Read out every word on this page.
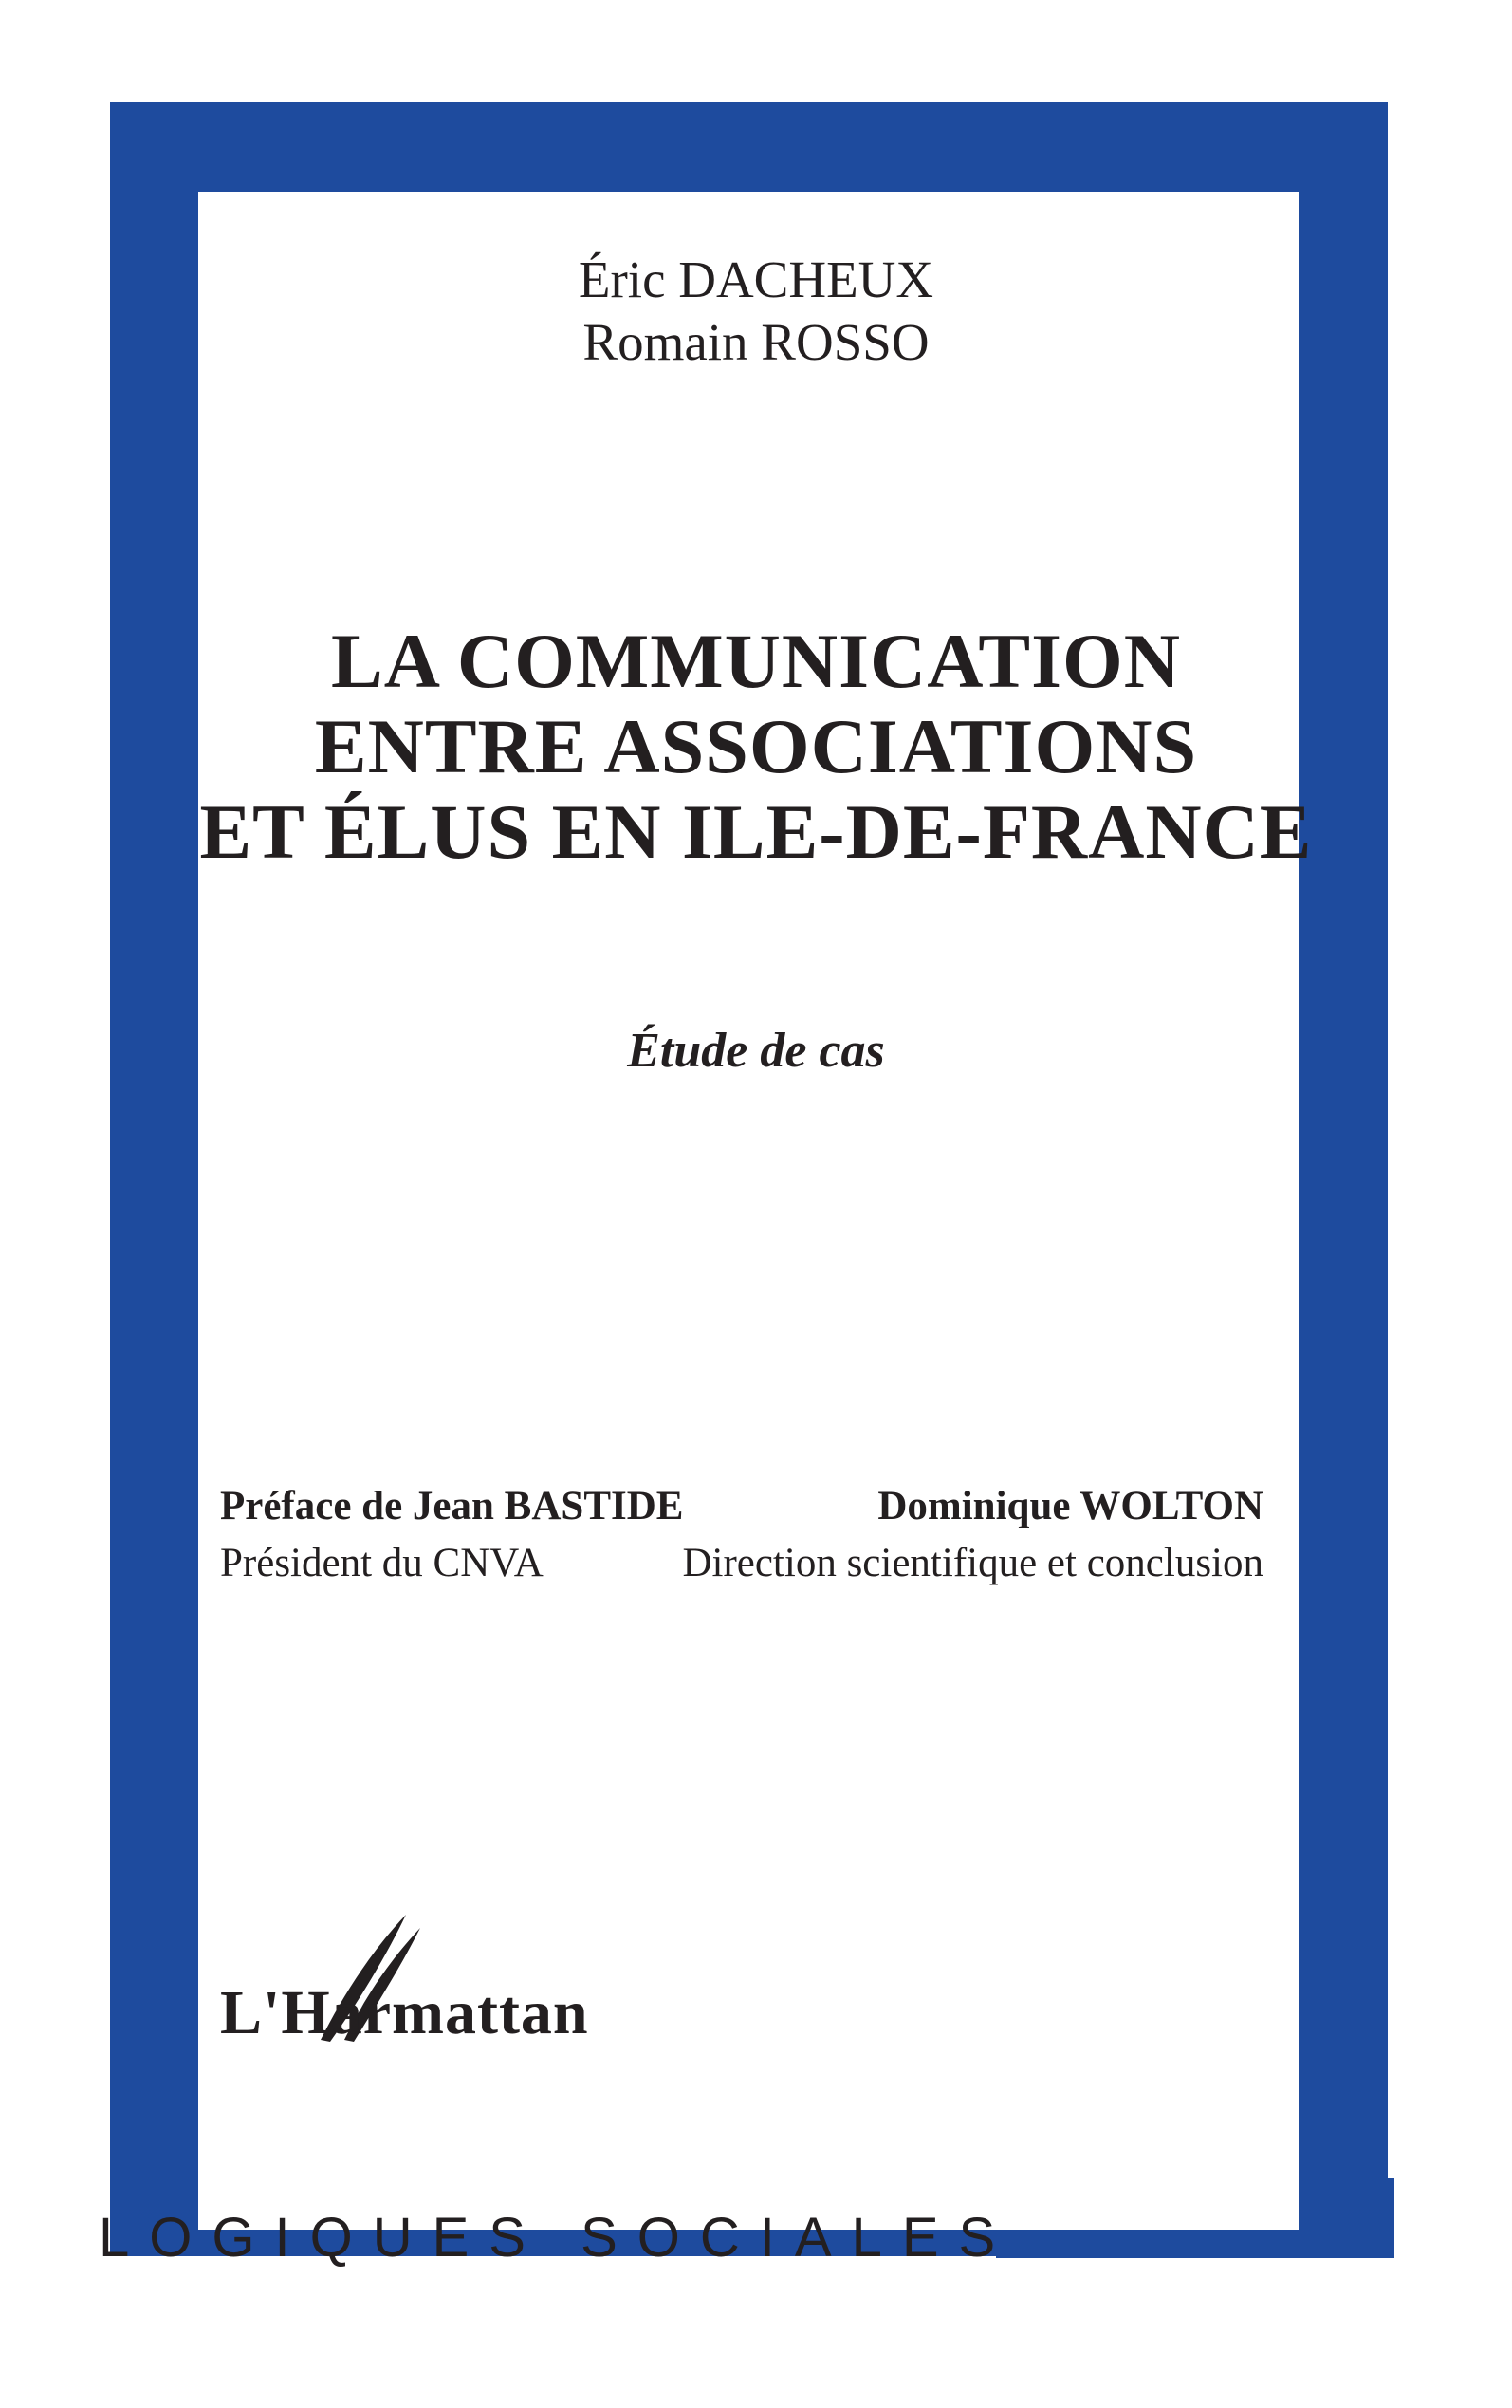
Éric DACHEUX
Romain ROSSO
LA COMMUNICATION
ENTRE ASSOCIATIONS
ET ÉLUS EN ILE-DE-FRANCE
Étude de cas
Préface de Jean BASTIDE
Président du CNVA
Dominique WOLTON
Direction scientifique et conclusion
L'Harmattan
LOGIQUES SOCIALES
